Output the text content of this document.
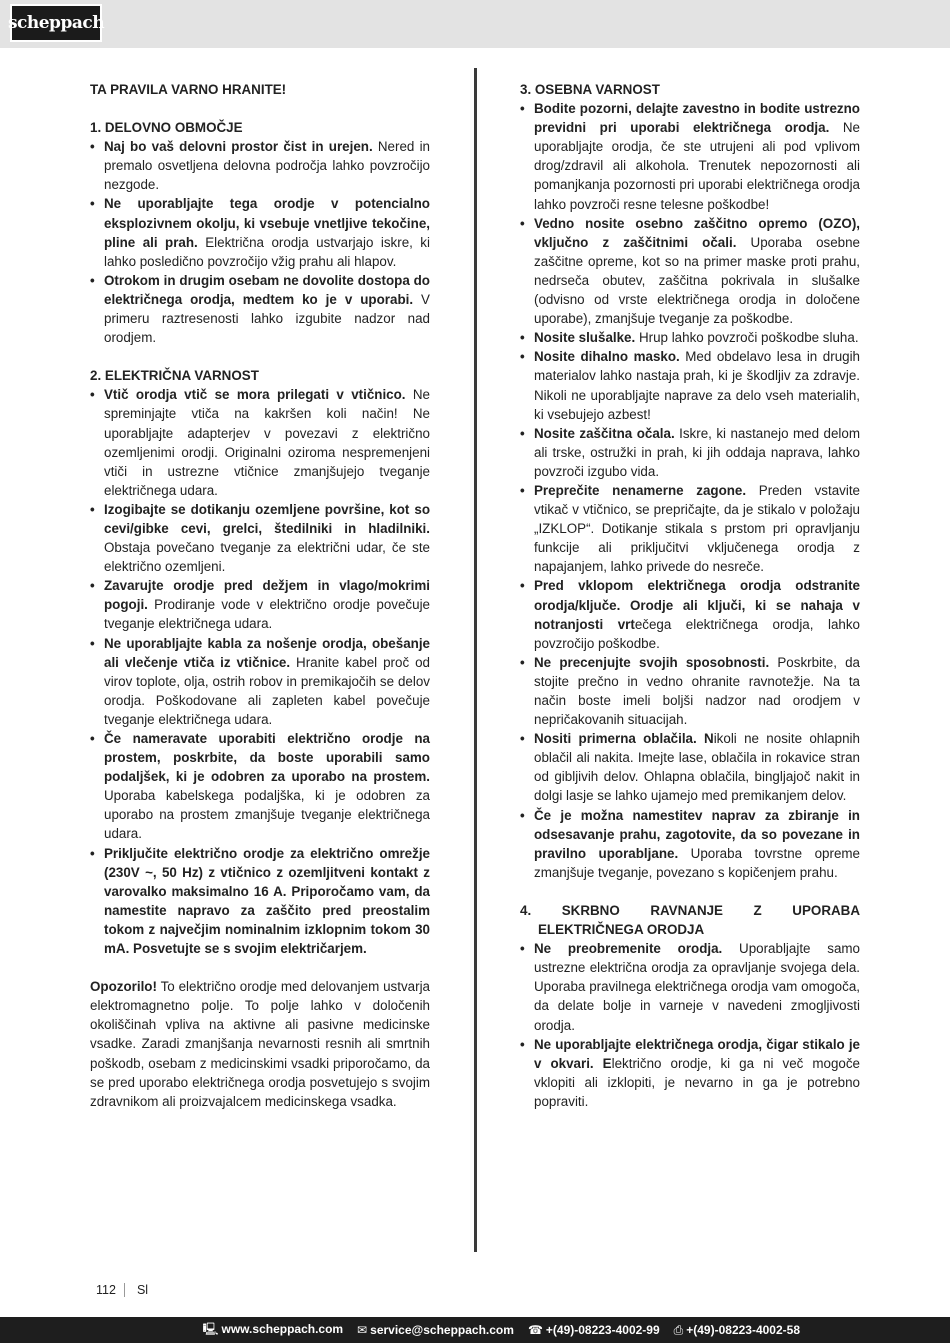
scheppach

TA PRAVILA VARNO HRANITE!

1. DELOVNO OBMOČJE

• Naj bo vaš delovni prostor čist in urejen. Nered in premalo osvetljena delovna področja lahko povzročijo nezgode.
• Ne uporabljajte tega orodje v potencialno eksplozivnem okolju, ki vsebuje vnetljive tekočine, pline ali prah. Električna orodja ustvarjajo iskre, ki lahko posledično povzročijo vžig prahu ali hlapov.
• Otrokom in drugim osebam ne dovolite dostopa do električnega orodja, medtem ko je v uporabi. V primeru raztresenosti lahko izgubite nadzor nad orodjem.

2. ELEKTRIČNA VARNOST

• Vtič orodja vtič se mora prilegati v vtičnico. Ne spreminjajte vtiča na kakršen koli način! Ne uporabljajte adapterjev v povezavi z električno ozemljenimi orodji. Originalni oziroma nespremenjeni vtiči in ustrezne vtičnice zmanjšujejo tveganje električnega udara.
• Izogibajte se dotikanju ozemljene površine, kot so cevi/gibke cevi, grelci, štedilniki in hladilniki. Obstaja povečano tveganje za električni udar, če ste električno ozemljeni.
• Zavarujte orodje pred dežjem in vlago/mokrimi pogoji. Prodiranje vode v električno orodje povečuje tveganje električnega udara.
• Ne uporabljajte kabla za nošenje orodja, obešanje ali vlečenje vtiča iz vtičnice. Hranite kabel proč od virov toplote, olja, ostrih robov in premikajočih se delov orodja. Poškodovane ali zapleten kabel povečuje tveganje električnega udara.
• Če nameravate uporabiti električno orodje na prostem, poskrbite, da boste uporabili samo podaljšek, ki je odobren za uporabo na prostem. Uporaba kabelskega podaljška, ki je odobren za uporabo na prostem zmanjšuje tveganje električnega udara.
• Priključite električno orodje za električno omrežje (230V ~, 50 Hz) z vtičnico z ozemljitveni kontakt z varovalko maksimalno 16 A. Priporočamo vam, da namestite napravo za zaščito pred preostalim tokom z največjim nominalnim izklopnim tokom 30 mA. Posvetujte se s svojim električarjem.

Opozorilo! To električno orodje med delovanjem ustvarja elektromagnetno polje. To polje lahko v določenih okoliščinah vpliva na aktivne ali pasivne medicinske vsadke. Zaradi zmanjšanja nevarnosti resnih ali smrtnih poškodb, osebam z medicinskimi vsadki priporočamo, da se pred uporabo električnega orodja posvetujejo s svojim zdravnikom ali proizvajalcem medicinskega vsadka.

3. OSEBNA VARNOST

• Bodite pozorni, delajte zavestno in bodite ustrezno previdni pri uporabi električnega orodja. Ne uporabljajte orodja, če ste utrujeni ali pod vplivom drog/zdravil ali alkohola. Trenutek nepozornosti ali pomanjkanja pozornosti pri uporabi električnega orodja lahko povzroči resne telesne poškodbe!
• Vedno nosite osebno zaščitno opremo (OZO), vključno z zaščitnimi očali. Uporaba osebne zaščitne opreme, kot so na primer maske proti prahu, nedrseča obutev, zaščitna pokrivala in slušalke (odvisno od vrste električnega orodja in določene uporabe), zmanjšuje tveganje za poškodbe.
• Nosite slušalke. Hrup lahko povzroči poškodbe sluha.
• Nosite dihalno masko. Med obdelavo lesa in drugih materialov lahko nastaja prah, ki je škodljiv za zdravje. Nikoli ne uporabljajte naprave za delo vseh materialih, ki vsebujejo azbest!
• Nosite zaščitna očala. Iskre, ki nastanejo med delom ali trske, ostružki in prah, ki jih oddaja naprava, lahko povzroči izgubo vida.
• Preprečite nenamerne zagone. Preden vstavite vtikač v vtičnico, se prepričajte, da je stikalo v položaju „IZKLOP“. Dotikanje stikala s prstom pri opravljanju funkcije ali priključitvi vključenega orodja z napajanjem, lahko privede do nesreče.
• Pred vklopom električnega orodja odstranite orodja/ključe. Orodje ali ključi, ki se nahaja v notranjosti vrtečega električnega orodja, lahko povzročijo poškodbe.
• Ne precenjujte svojih sposobnosti. Poskrbite, da stojite prečno in vedno ohranite ravnotežje. Na ta način boste imeli boljši nadzor nad orodjem v nepričakovanih situacijah.
• Nositi primerna oblačila. Nikoli ne nosite ohlapnih oblačil ali nakita. Imejte lase, oblačila in rokavice stran od gibljivih delov. Ohlapna oblačila, bingljajoč nakit in dolgi lasje se lahko ujamejo med premikanjem delov.
• Če je možna namestitev naprav za zbiranje in odsesavanje prahu, zagotovite, da so povezane in pravilno uporabljane. Uporaba tovrstne opreme zmanjšuje tveganje, povezano s kopičenjem prahu.

4. SKRBNO RAVNANJE Z UPORABA ELEKTRIČNEGA ORODJA

• Ne preobremenite orodja. Uporabljajte samo ustrezne električna orodja za opravljanje svojega dela. Uporaba pravilnega električnega orodja vam omogoča, da delate bolje in varneje v navedeni zmogljivosti orodja.
• Ne uporabljajte električnega orodja, čigar stikalo je v okvari. Električno orodje, ki ga ni več mogoče vklopiti ali izklopiti, je nevarno in ga je potrebno popraviti.
112	Sl
🖳 www.scheppach.com ✉ service@scheppach.com ☎ +(49)-08223-4002-99 ⎙ +(49)-08223-4002-58
